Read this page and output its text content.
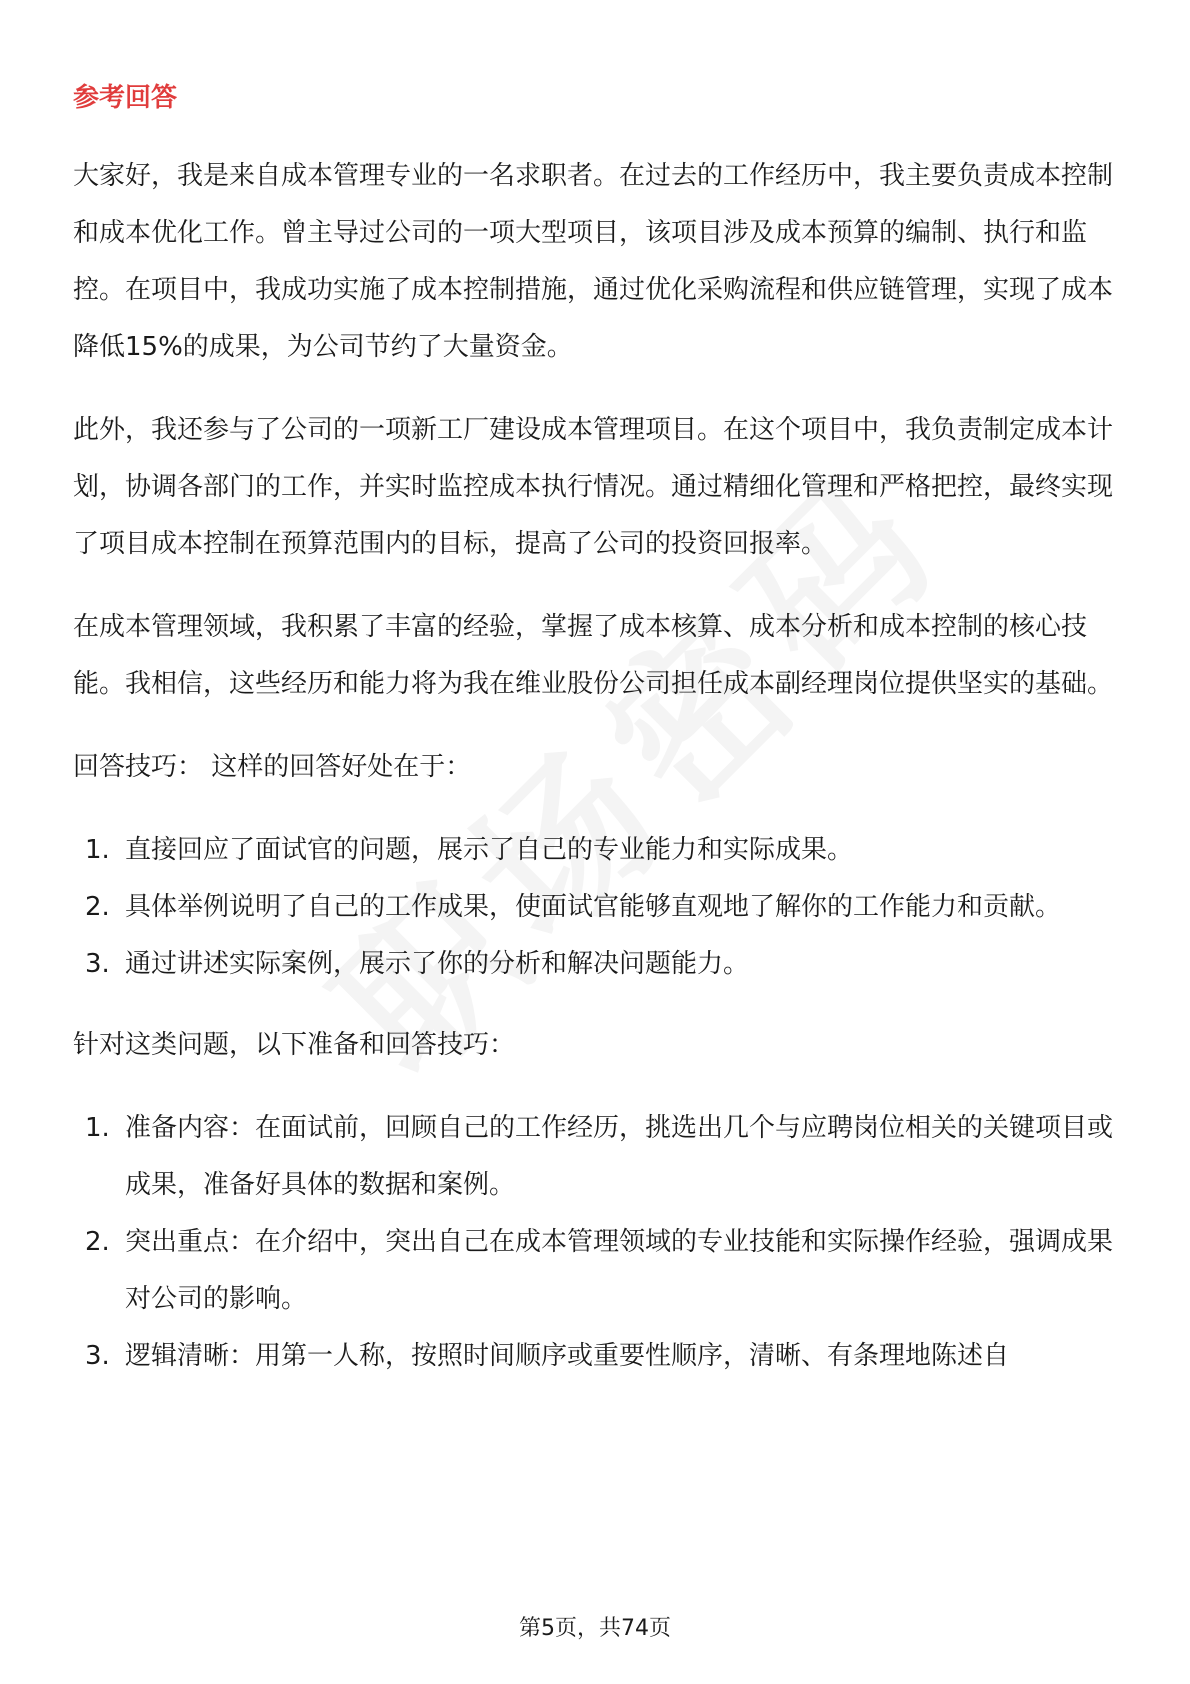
参考回答

大家好，我是来自成本管理专业的一名求职者。在过去的工作经历中，我主要负责成本控制和成本优化工作。曾主导过公司的一项大型项目，该项目涉及成本预算的编制、执行和监控。在项目中，我成功实施了成本控制措施，通过优化采购流程和供应链管理，实现了成本降低15%的成果，为公司节约了大量资金。

此外，我还参与了公司的一项新工厂建设成本管理项目。在这个项目中，我负责制定成本计划，协调各部门的工作，并实时监控成本执行情况。通过精细化管理和严格把控，最终实现了项目成本控制在预算范围内的目标，提高了公司的投资回报率。

在成本管理领域，我积累了丰富的经验，掌握了成本核算、成本分析和成本控制的核心技能。我相信，这些经历和能力将为我在维业股份公司担任成本副经理岗位提供坚实的基础。

回答技巧： 这样的回答好处在于：

1. 直接回应了面试官的问题，展示了自己的专业能力和实际成果。
2. 具体举例说明了自己的工作成果，使面试官能够直观地了解你的工作能力和贡献。
3. 通过讲述实际案例，展示了你的分析和解决问题能力。

针对这类问题，以下准备和回答技巧：

1. 准备内容：在面试前，回顾自己的工作经历，挑选出几个与应聘岗位相关的关键项目或成果，准备好具体的数据和案例。
2. 突出重点：在介绍中，突出自己在成本管理领域的专业技能和实际操作经验，强调成果对公司的影响。
3. 逻辑清晰：用第一人称，按照时间顺序或重要性顺序，清晰、有条理地陈述自
第5页，共74页
